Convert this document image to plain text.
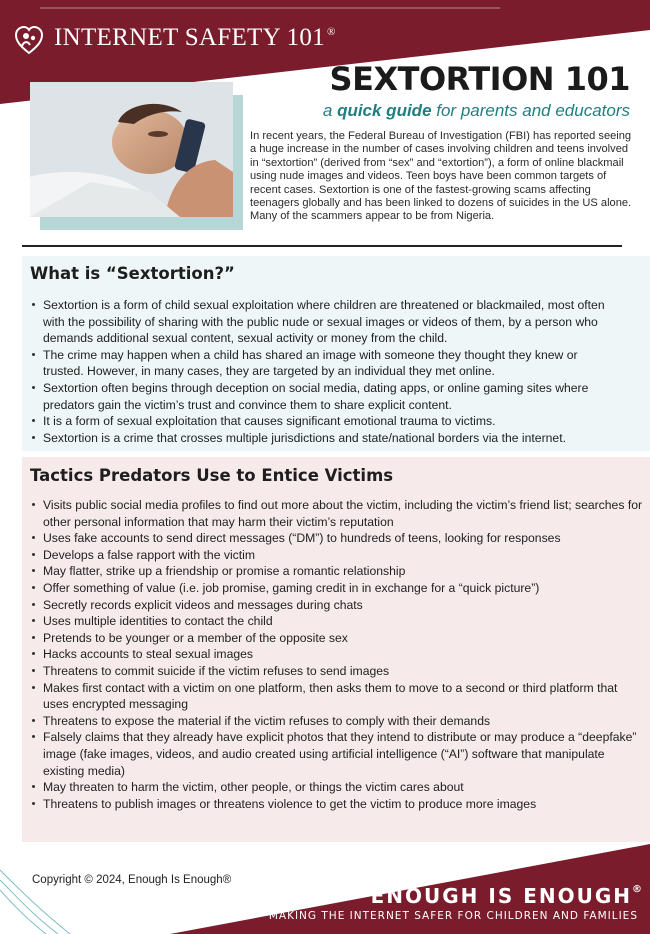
INTERNET SAFETY 101 ®
SEXTORTION 101
a quick guide for parents and educators
In recent years, the Federal Bureau of Investigation (FBI) has reported seeing a huge increase in the number of cases involving children and teens involved in “sextortion” (derived from “sex” and “extortion”), a form of online blackmail using nude images and videos. Teen boys have been common targets of recent cases. Sextortion is one of the fastest-growing scams affecting teenagers globally and has been linked to dozens of suicides in the US alone. Many of the scammers appear to be from Nigeria.
What is “Sextortion?”
Sextortion is a form of child sexual exploitation where children are threatened or blackmailed, most often with the possibility of sharing with the public nude or sexual images or videos of them, by a person who demands additional sexual content, sexual activity or money from the child.
The crime may happen when a child has shared an image with someone they thought they knew or trusted. However, in many cases, they are targeted by an individual they met online.
Sextortion often begins through deception on social media, dating apps, or online gaming sites where predators gain the victim’s trust and convince them to share explicit content.
It is a form of sexual exploitation that causes significant emotional trauma to victims.
Sextortion is a crime that crosses multiple jurisdictions and state/national borders via the internet.
Tactics Predators Use to Entice Victims
Visits public social media profiles to find out more about the victim, including the victim’s friend list; searches for other personal information that may harm their victim’s reputation
Uses fake accounts to send direct messages (“DM”) to hundreds of teens, looking for responses
Develops a false rapport with the victim
May flatter, strike up a friendship or promise a romantic relationship
Offer something of value (i.e. job promise, gaming credit in in exchange for a “quick picture”)
Secretly records explicit videos and messages during chats
Uses multiple identities to contact the child
Pretends to be younger or a member of the opposite sex
Hacks accounts to steal sexual images
Threatens to commit suicide if the victim refuses to send images
Makes first contact with a victim on one platform, then asks them to move to a second or third platform that uses encrypted messaging
Threatens to expose the material if the victim refuses to comply with their demands
Falsely claims that they already have explicit photos that they intend to distribute or may produce a “deepfake” image (fake images, videos, and audio created using artificial intelligence (“AI”) software that manipulate existing media)
May threaten to harm the victim, other people, or things the victim cares about
Threatens to publish images or threatens violence to get the victim to produce more images
Copyright © 2024, Enough Is Enough®
ENOUGH IS ENOUGH®
MAKING THE INTERNET SAFER FOR CHILDREN AND FAMILIES
